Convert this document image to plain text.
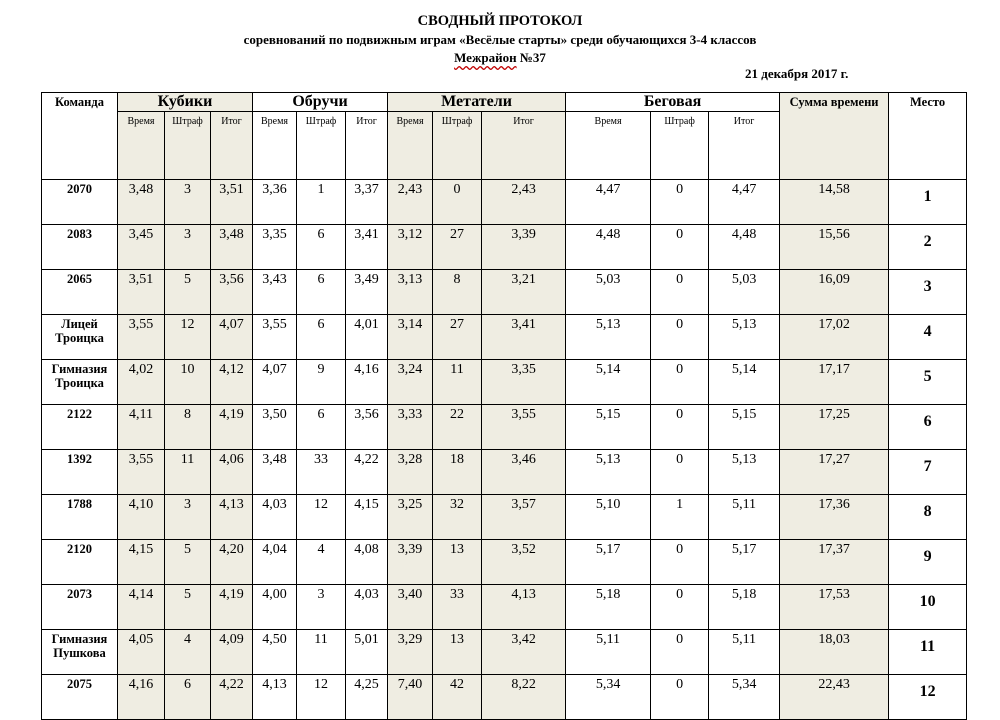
СВОДНЫЙ ПРОТОКОЛ
соревнований по подвижным играм «Весёлые старты» среди обучающихся 3-4 классов
Межрайон №37
21 декабря 2017 г.
Команда	Кубики			Обручи			Метатели			Беговая			Сумма времени	Место
	Время	Штраф	Итог	Время	Штраф	Итог	Время	Штраф	Итог	Время	Штраф	Итог		
2070	3,48	3	3,51	3,36	1	3,37	2,43	0	2,43	4,47	0	4,47	14,58	1
2083	3,45	3	3,48	3,35	6	3,41	3,12	27	3,39	4,48	0	4,48	15,56	2
2065	3,51	5	3,56	3,43	6	3,49	3,13	8	3,21	5,03	0	5,03	16,09	3
Лицей Троицка	3,55	12	4,07	3,55	6	4,01	3,14	27	3,41	5,13	0	5,13	17,02	4
Гимназия Троицка	4,02	10	4,12	4,07	9	4,16	3,24	11	3,35	5,14	0	5,14	17,17	5
2122	4,11	8	4,19	3,50	6	3,56	3,33	22	3,55	5,15	0	5,15	17,25	6
1392	3,55	11	4,06	3,48	33	4,22	3,28	18	3,46	5,13	0	5,13	17,27	7
1788	4,10	3	4,13	4,03	12	4,15	3,25	32	3,57	5,10	1	5,11	17,36	8
2120	4,15	5	4,20	4,04	4	4,08	3,39	13	3,52	5,17	0	5,17	17,37	9
2073	4,14	5	4,19	4,00	3	4,03	3,40	33	4,13	5,18	0	5,18	17,53	10
Гимназия Пушкова	4,05	4	4,09	4,50	11	5,01	3,29	13	3,42	5,11	0	5,11	18,03	11
2075	4,16	6	4,22	4,13	12	4,25	7,40	42	8,22	5,34	0	5,34	22,43	12
